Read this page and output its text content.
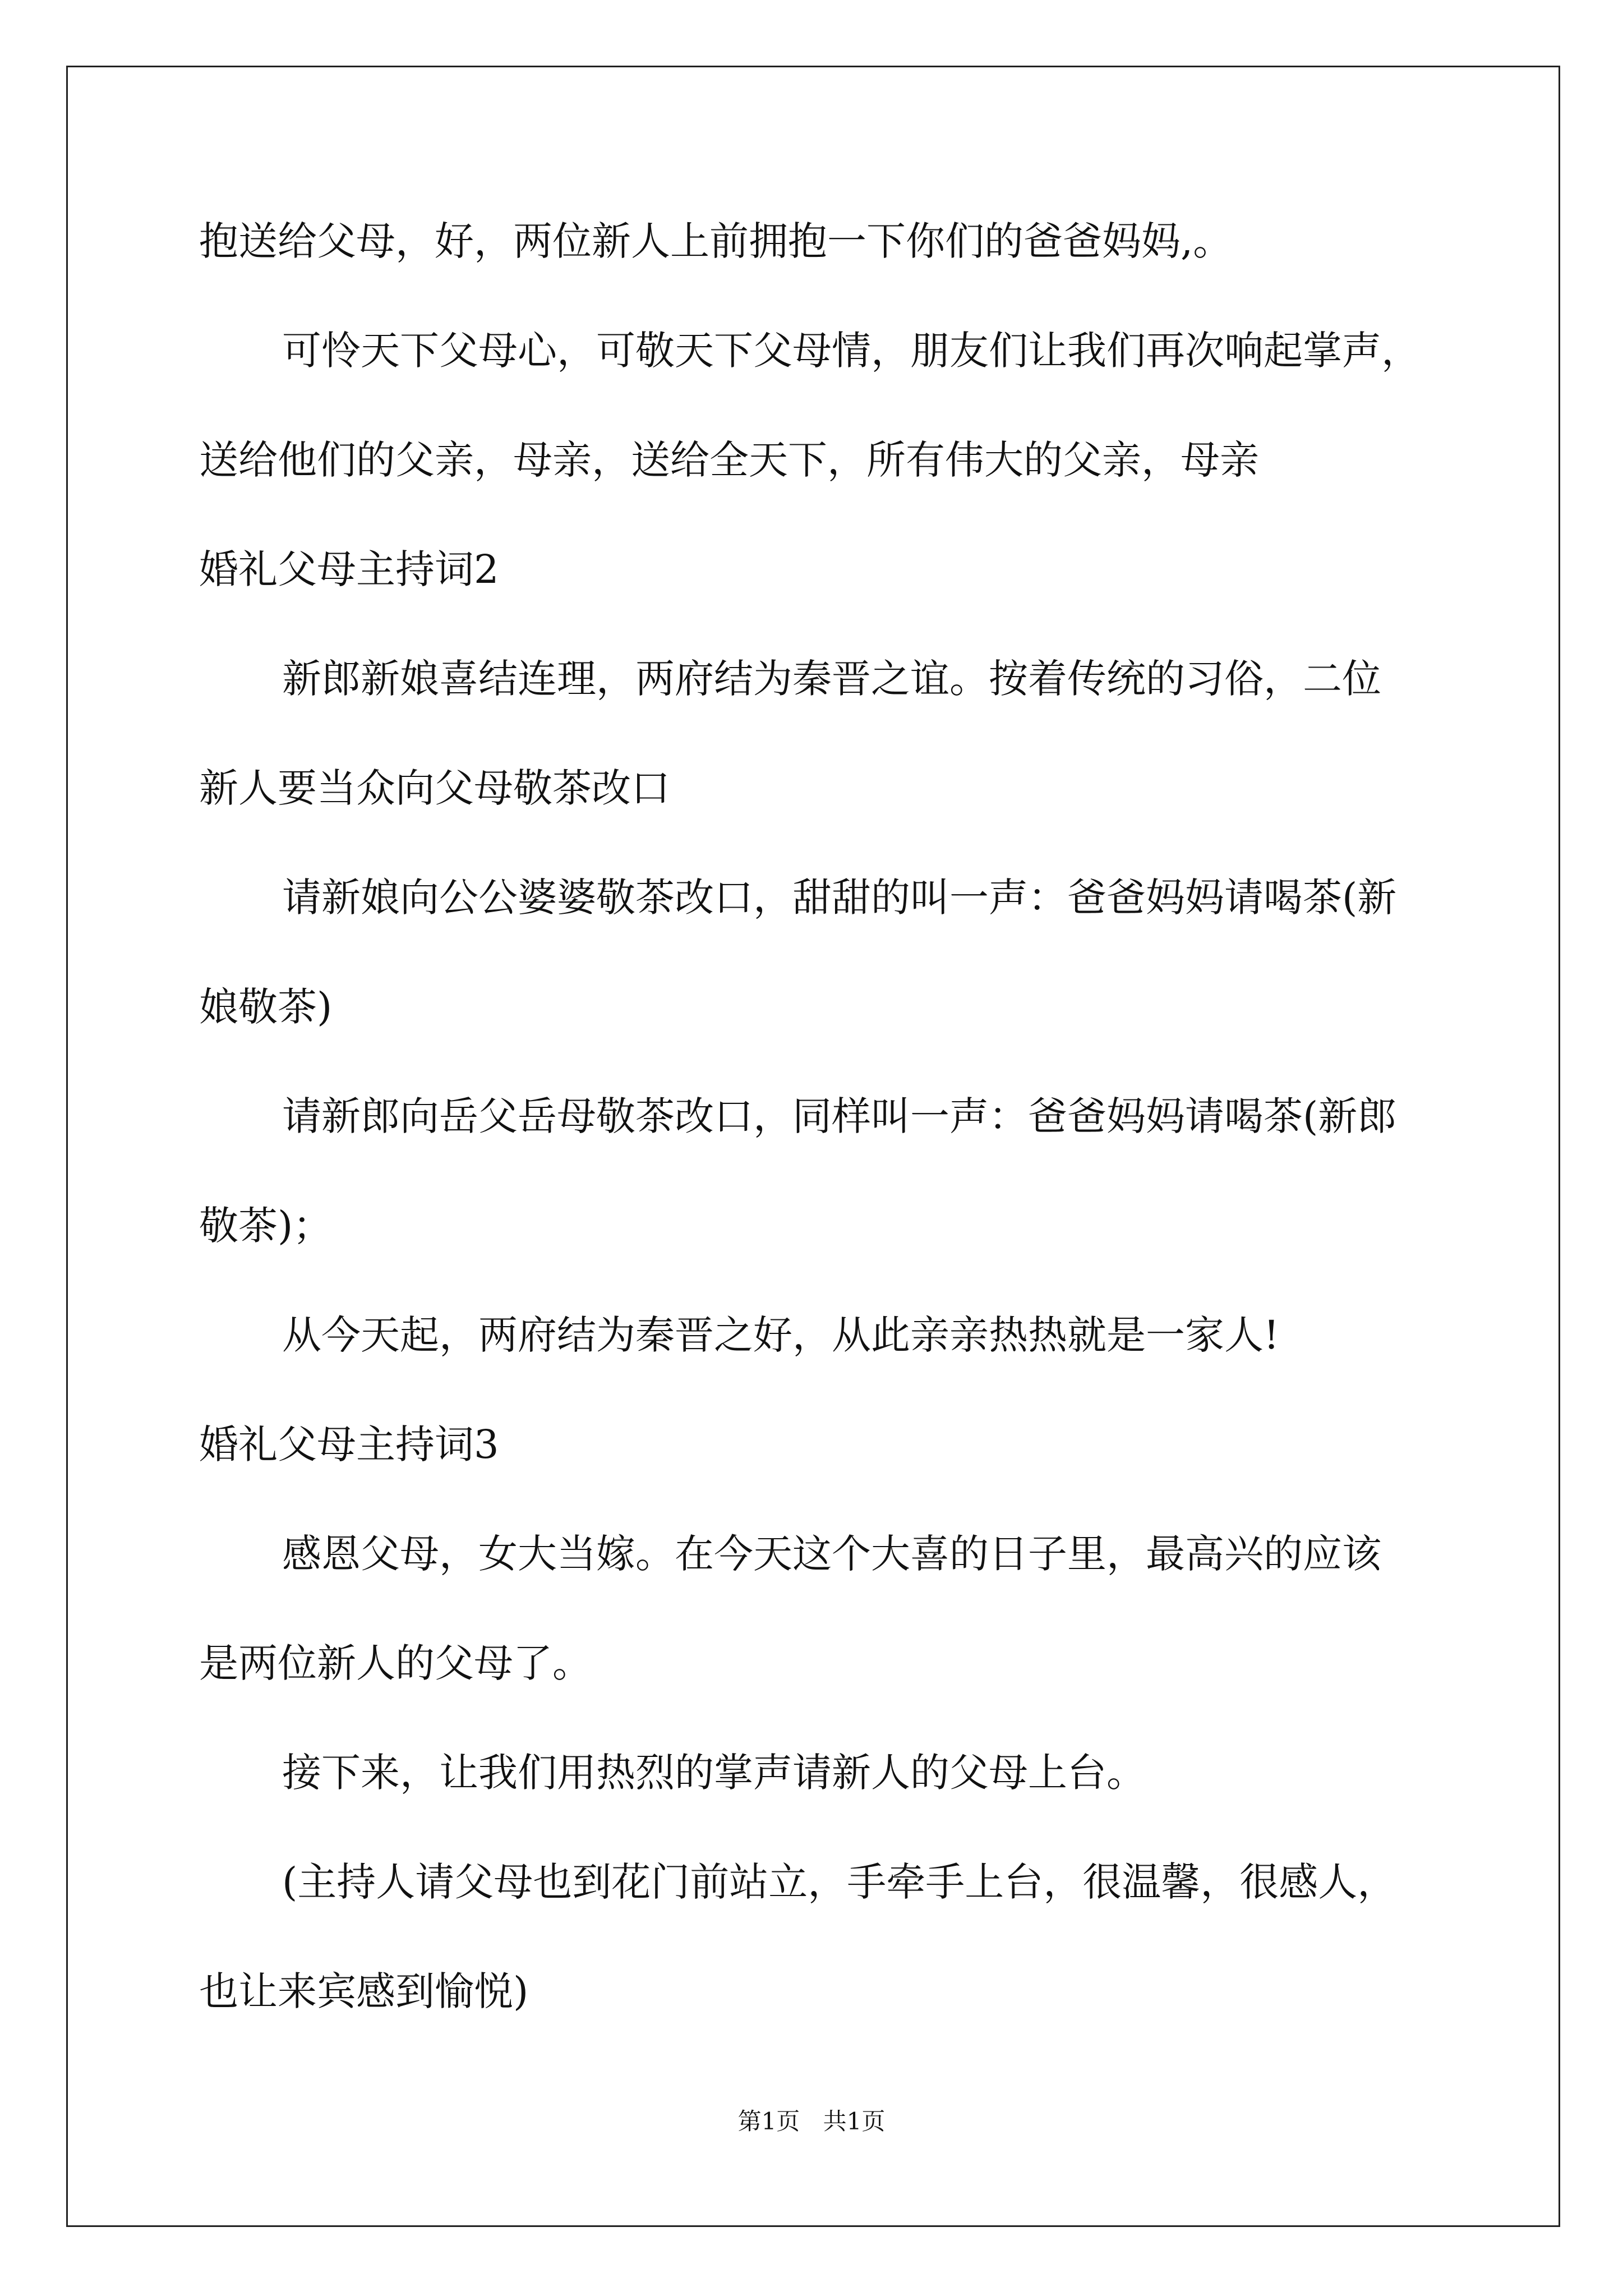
抱送给父母，好，两位新人上前拥抱一下你们的爸爸妈妈,。
可怜天下父母心，可敬天下父母情，朋友们让我们再次响起掌声，
送给他们的父亲，母亲，送给全天下，所有伟大的父亲，母亲
婚礼父母主持词2
新郎新娘喜结连理，两府结为秦晋之谊。按着传统的习俗，二位
新人要当众向父母敬茶改口
请新娘向公公婆婆敬茶改口，甜甜的叫一声：爸爸妈妈请喝茶(新
娘敬茶)
请新郎向岳父岳母敬茶改口，同样叫一声：爸爸妈妈请喝茶(新郎
敬茶)；
从今天起，两府结为秦晋之好，从此亲亲热热就是一家人!
婚礼父母主持词3
感恩父母，女大当嫁。在今天这个大喜的日子里，最高兴的应该
是两位新人的父母了。
接下来，让我们用热烈的掌声请新人的父母上台。
(主持人请父母也到花门前站立，手牵手上台，很温馨，很感人，
也让来宾感到愉悦)
第1页 共1页
